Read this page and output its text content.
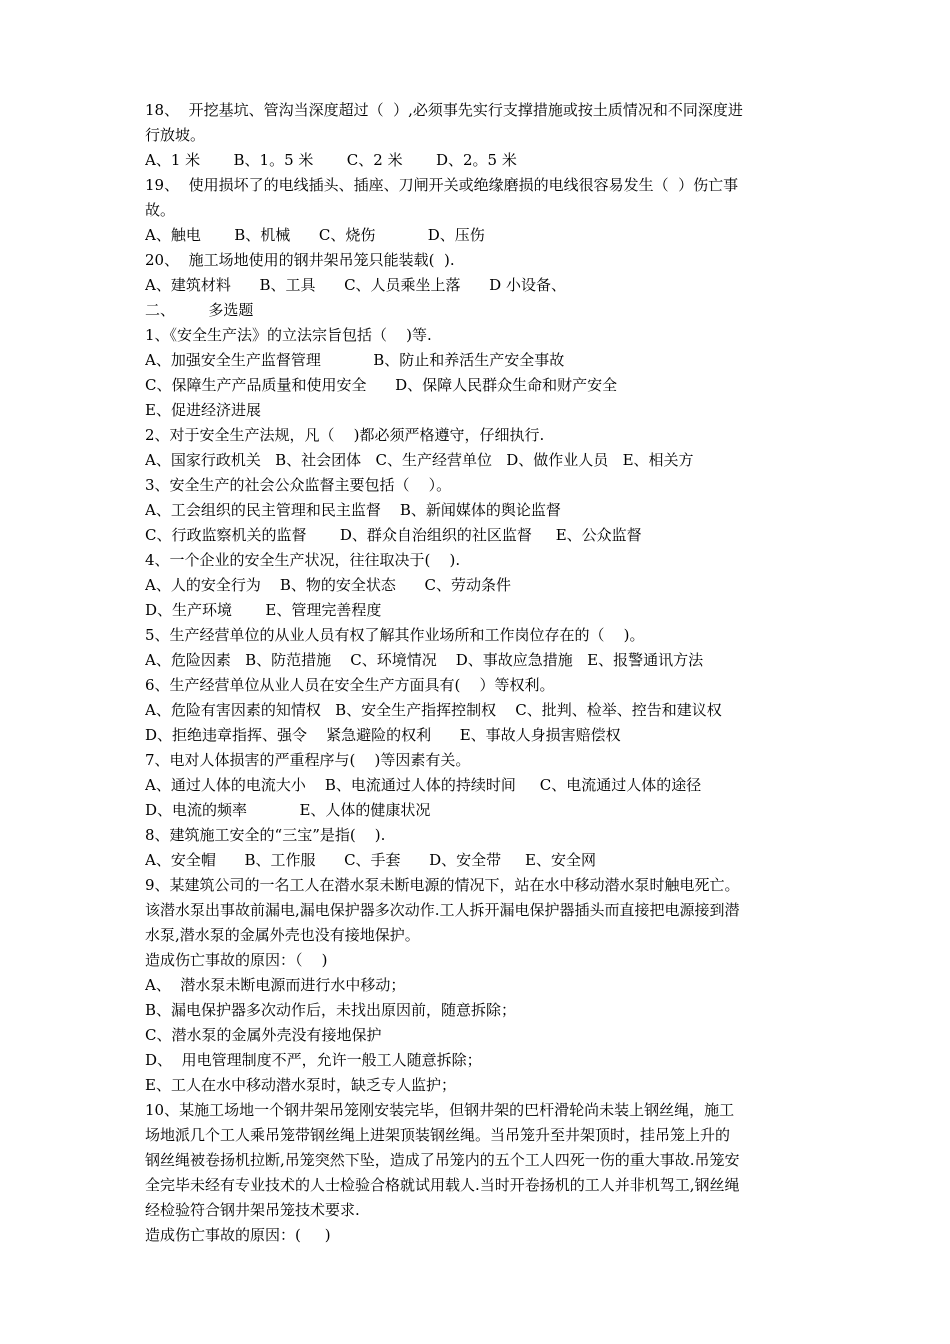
18、  开挖基坑、管沟当深度超过（  ）,必须事先实行支撑措施或按土质情况和不同深度进
行放坡。
A、1 米       B、1。5 米       C、2 米       D、2。5 米
19、  使用损坏了的电线插头、插座、刀闸开关或绝缘磨损的电线很容易发生（  ）伤亡事
故。
A、触电       B、机械      C、烧伤           D、压伤
20、  施工场地使用的钢井架吊笼只能装载(  ).
A、建筑材料      B、工具      C、人员乘坐上落      D 小设备、
二、       多选题
1、《安全生产法》的立法宗旨包括（    )等.
A、加强安全生产监督管理           B、防止和养活生产安全事故
C、保障生产产品质量和使用安全      D、保障人民群众生命和财产安全
E、促进经济进展
2、对于安全生产法规，凡（    )都必须严格遵守，仔细执行.
A、国家行政机关   B、社会团体   C、生产经营单位   D、做作业人员   E、相关方
3、安全生产的社会公众监督主要包括（    ）。
A、工会组织的民主管理和民主监督    B、新闻媒体的舆论监督
C、行政监察机关的监督       D、群众自治组织的社区监督     E、公众监督
4、一个企业的安全生产状况，往往取决于(    ).
A、人的安全行为    B、物的安全状态      C、劳动条件
D、生产环境       E、管理完善程度
5、生产经营单位的从业人员有权了解其作业场所和工作岗位存在的（    )。
A、危险因素   B、防范措施    C、环境情况    D、事故应急措施   E、报警通讯方法
6、生产经营单位从业人员在安全生产方面具有(    ）等权利。
A、危险有害因素的知情权   B、安全生产指挥控制权    C、批判、检举、控告和建议权
D、拒绝违章指挥、强令    紧急避险的权利      E、事故人身损害赔偿权
7、电对人体损害的严重程序与(    )等因素有关。
A、通过人体的电流大小    B、电流通过人体的持续时间     C、电流通过人体的途径
D、电流的频率           E、人体的健康状况
8、建筑施工安全的“三宝”是指(    ).
A、安全帽      B、工作服      C、手套      D、安全带     E、安全网
9、某建筑公司的一名工人在潜水泵未断电源的情况下，站在水中移动潜水泵时触电死亡。
该潜水泵出事故前漏电,漏电保护器多次动作.工人拆开漏电保护器插头而直接把电源接到潜
水泵,潜水泵的金属外壳也没有接地保护。
造成伤亡事故的原因：（    )
A、  潜水泵未断电源而进行水中移动；
B、漏电保护器多次动作后，未找出原因前，随意拆除；
C、潜水泵的金属外壳没有接地保护
D、  用电管理制度不严，允许一般工人随意拆除；
E、工人在水中移动潜水泵时，缺乏专人监护；
10、某施工场地一个钢井架吊笼刚安装完毕，但钢井架的巴杆滑轮尚未装上钢丝绳，施工
场地派几个工人乘吊笼带钢丝绳上进架顶装钢丝绳。当吊笼升至井架顶时，挂吊笼上升的
钢丝绳被卷扬机拉断,吊笼突然下坠，造成了吊笼内的五个工人四死一伤的重大事故.吊笼安
全完毕未经有专业技术的人士检验合格就试用载人.当时开卷扬机的工人并非机驾工,钢丝绳
经检验符合钢井架吊笼技术要求.
造成伤亡事故的原因：(     )
